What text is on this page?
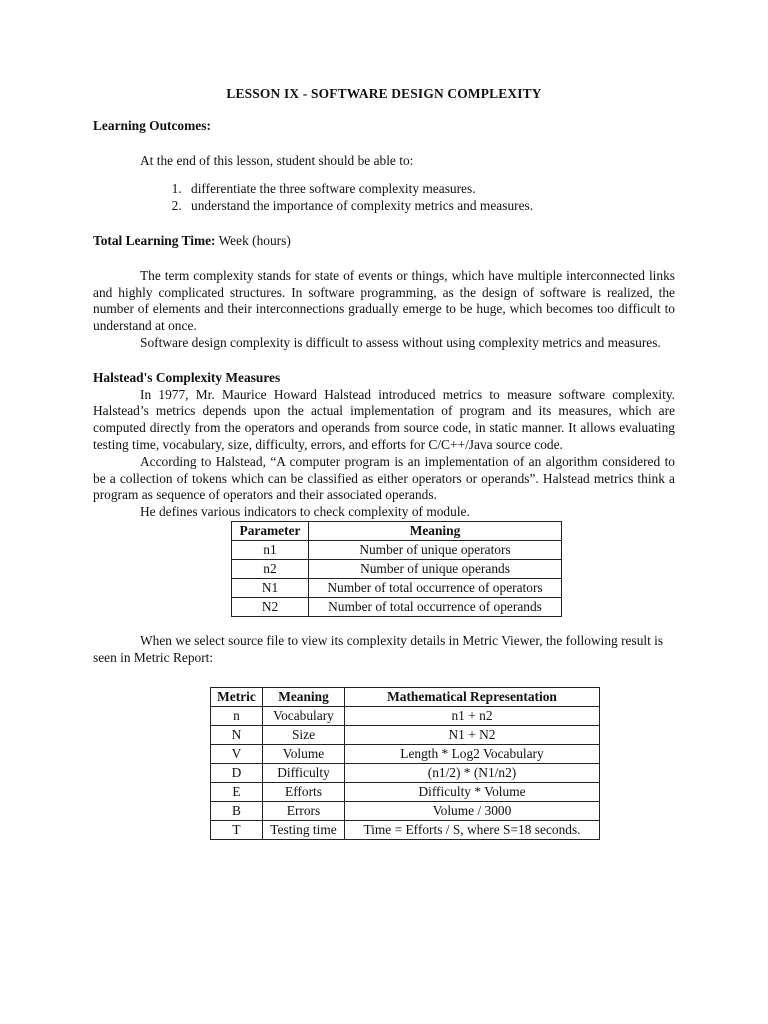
LESSON IX - SOFTWARE DESIGN COMPLEXITY

Learning Outcomes:

At the end of this lesson, student should be able to:

1. differentiate the three software complexity measures.
2. understand the importance of complexity metrics and measures.

Total Learning Time: Week (hours)

The term complexity stands for state of events or things, which have multiple interconnected links and highly complicated structures. In software programming, as the design of software is realized, the number of elements and their interconnections gradually emerge to be huge, which becomes too difficult to understand at once.

Software design complexity is difficult to assess without using complexity metrics and measures.

Halstead's Complexity Measures

In 1977, Mr. Maurice Howard Halstead introduced metrics to measure software complexity. Halstead’s metrics depends upon the actual implementation of program and its measures, which are computed directly from the operators and operands from source code, in static manner. It allows evaluating testing time, vocabulary, size, difficulty, errors, and efforts for C/C++/Java source code.

According to Halstead, “A computer program is an implementation of an algorithm considered to be a collection of tokens which can be classified as either operators or operands”. Halstead metrics think a program as sequence of operators and their associated operands.

He defines various indicators to check complexity of module.

Parameter	Meaning
n1	Number of unique operators
n2	Number of unique operands
N1	Number of total occurrence of operators
N2	Number of total occurrence of operands

When we select source file to view its complexity details in Metric Viewer, the following result is seen in Metric Report:

Metric	Meaning	Mathematical Representation
n	Vocabulary	n1 + n2
N	Size	N1 + N2
V	Volume	Length * Log2 Vocabulary
D	Difficulty	(n1/2) * (N1/n2)
E	Efforts	Difficulty * Volume
B	Errors	Volume / 3000
T	Testing time	Time = Efforts / S, where S=18 seconds.
